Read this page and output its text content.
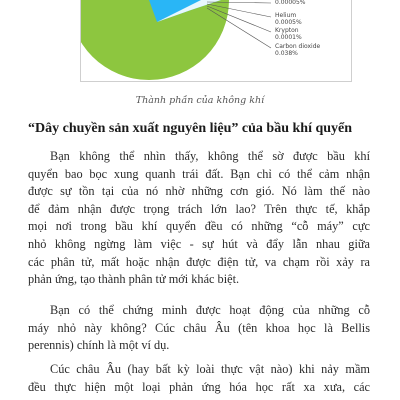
0.00005%
Helium
0.0005%
Krypton
0.0001%
Carbon dioxide
0.038%
Thành phần của không khí
“Dây chuyền sản xuất nguyên liệu” của bầu khí quyển
Bạn không thể nhìn thấy, không thể sờ được bầu khí
quyển bao bọc xung quanh trái đất. Bạn chỉ có thể cảm nhận
được sự tồn tại của nó nhờ những cơn gió. Nó làm thế nào
để đảm nhận được trọng trách lớn lao? Trên thực tế, khắp
mọi nơi trong bầu khí quyển đều có những “cỗ máy” cực
nhỏ không ngừng làm việc - sự hút và đẩy lẫn nhau giữa
các phân tử, mất hoặc nhận được điện tử, va chạm rồi xảy ra
phản ứng, tạo thành phân tử mới khác biệt.
Bạn có thể chứng minh được hoạt động của những cỗ
máy nhỏ này không? Cúc châu Âu (tên khoa học là Bellis
perennis) chính là một ví dụ.
Cúc châu Âu (hay bất kỳ loài thực vật nào) khi nảy mầm
đều thực hiện một loại phản ứng hóa học rất xa xưa, các
